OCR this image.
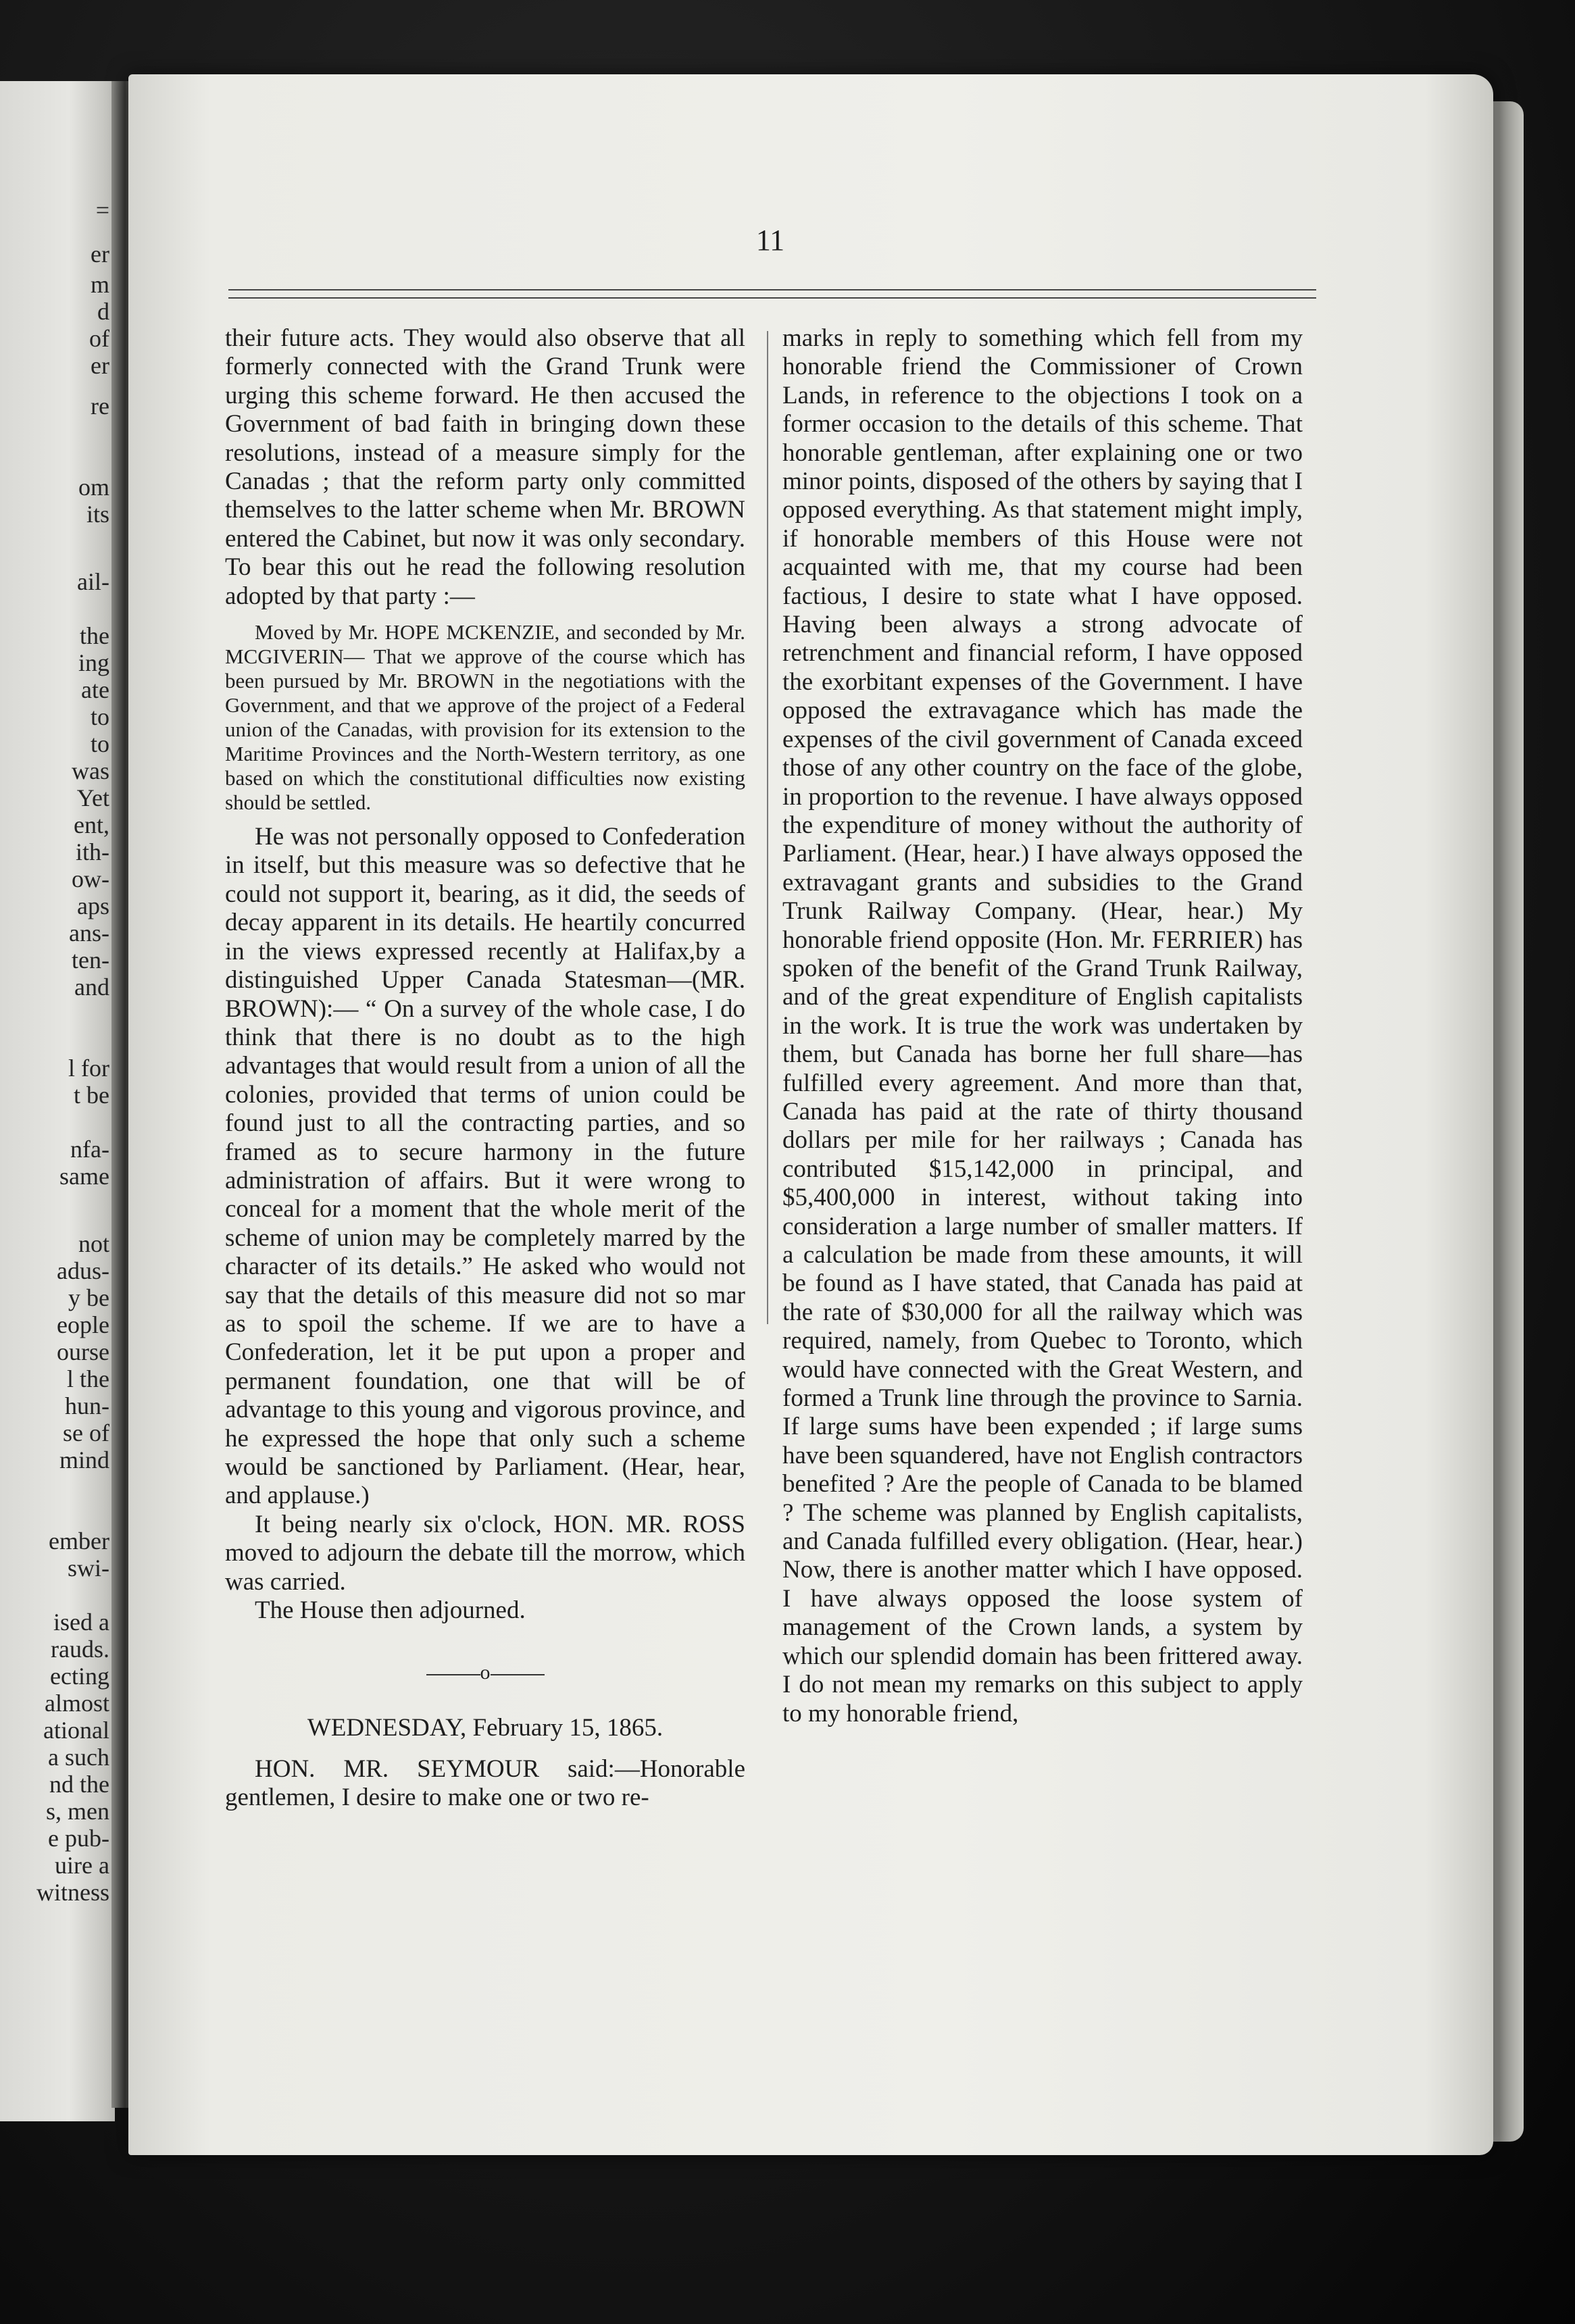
=
er
m
d
of
er
re
om
its
ail-
the
ing
ate
to
to
was
Yet
ent,
ith-
ow-
aps
ans-
ten-
and
l for
t be
nfa-
same
not
adus-
y be
eople
ourse
l the
hun-
se of
mind
ember
swi-
ised a
rauds.
ecting
almost
ational
a such
nd the
s, men
e pub-
uire a
witness
11

their future acts. They would also observe that all formerly connected with the Grand Trunk were urging this scheme forward. He then accused the Government of bad faith in bringing down these resolutions, instead of a measure simply for the Canadas ; that the reform party only committed themselves to the latter scheme when Mr. BROWN entered the Cabinet, but now it was only secondary. To bear this out he read the following resolution adopted by that party :—

Moved by Mr. HOPE MCKENZIE, and seconded by Mr. MCGIVERIN— That we approve of the course which has been pursued by Mr. BROWN in the negotiations with the Government, and that we approve of the project of a Federal union of the Canadas, with provision for its extension to the Maritime Provinces and the North-Western territory, as one based on which the constitutional difficulties now existing should be settled.

He was not personally opposed to Confederation in itself, but this measure was so defective that he could not support it, bearing, as it did, the seeds of decay apparent in its details. He heartily concurred in the views expressed recently at Halifax,by a distinguished Upper Canada Statesman—(MR. BROWN):— “ On a survey of the whole case, I do think that there is no doubt as to the high advantages that would result from a union of all the colonies, provided that terms of union could be found just to all the contracting parties, and so framed as to secure harmony in the future administration of affairs. But it were wrong to conceal for a moment that the whole merit of the scheme of union may be completely marred by the character of its details.” He asked who would not say that the details of this measure did not so mar as to spoil the scheme. If we are to have a Confederation, let it be put upon a proper and permanent foundation, one that will be of advantage to this young and vigorous province, and he expressed the hope that only such a scheme would be sanctioned by Parliament. (Hear, hear, and applause.)

It being nearly six o'clock, HON. MR. ROSS moved to adjourn the debate till the morrow, which was carried.

The House then adjourned.

o

WEDNESDAY, February 15, 1865.

HON. MR. SEYMOUR said:—Honorable gentlemen, I desire to make one or two re-

marks in reply to something which fell from my honorable friend the Commissioner of Crown Lands, in reference to the objections I took on a former occasion to the details of this scheme. That honorable gentleman, after explaining one or two minor points, disposed of the others by saying that I opposed everything. As that statement might imply, if honorable members of this House were not acquainted with me, that my course had been factious, I desire to state what I have opposed. Having been always a strong advocate of retrenchment and financial reform, I have opposed the exorbitant expenses of the Government. I have opposed the extravagance which has made the expenses of the civil government of Canada exceed those of any other country on the face of the globe, in proportion to the revenue. I have always opposed the expenditure of money without the authority of Parliament. (Hear, hear.) I have always opposed the extravagant grants and subsidies to the Grand Trunk Railway Company. (Hear, hear.) My honorable friend opposite (Hon. Mr. FERRIER) has spoken of the benefit of the Grand Trunk Railway, and of the great expenditure of English capitalists in the work. It is true the work was undertaken by them, but Canada has borne her full share—has fulfilled every agreement. And more than that, Canada has paid at the rate of thirty thousand dollars per mile for her railways ; Canada has contributed $15,142,000 in principal, and $5,400,000 in interest, without taking into consideration a large number of smaller matters. If a calculation be made from these amounts, it will be found as I have stated, that Canada has paid at the rate of $30,000 for all the railway which was required, namely, from Quebec to Toronto, which would have connected with the Great Western, and formed a Trunk line through the province to Sarnia. If large sums have been expended ; if large sums have been squandered, have not English contractors benefited ? Are the people of Canada to be blamed ? The scheme was planned by English capitalists, and Canada fulfilled every obligation. (Hear, hear.) Now, there is another matter which I have opposed. I have always opposed the loose system of management of the Crown lands, a system by which our splendid domain has been frittered away. I do not mean my remarks on this subject to apply to my honorable friend,
